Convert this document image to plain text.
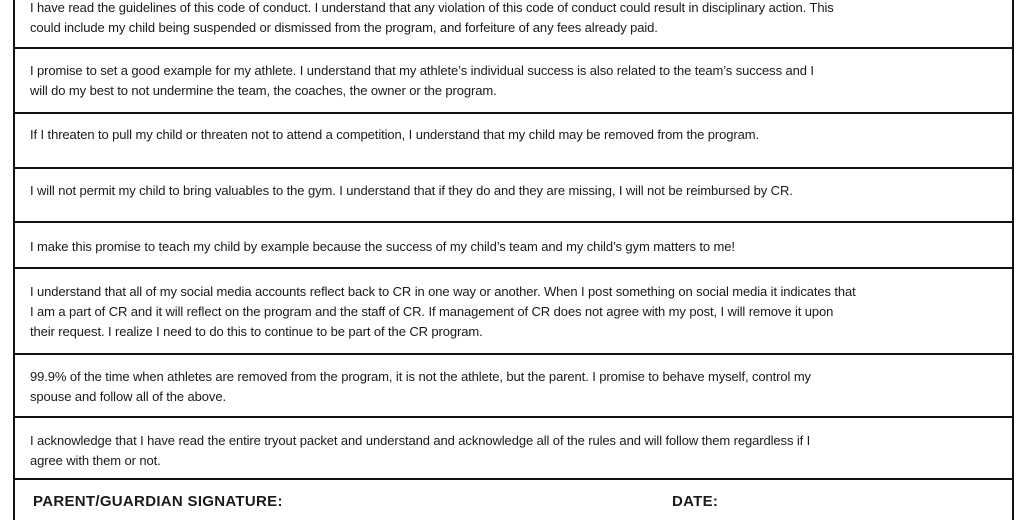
I have read the guidelines of this code of conduct. I understand that any violation of this code of conduct could result in disciplinary action. This
could include my child being suspended or dismissed from the program, and forfeiture of any fees already paid.
I promise to set a good example for my athlete. I understand that my athlete’s individual success is also related to the team’s success and I
will do my best to not undermine the team, the coaches, the owner or the program.
If I threaten to pull my child or threaten not to attend a competition, I understand that my child may be removed from the program.
I will not permit my child to bring valuables to the gym. I understand that if they do and they are missing, I will not be reimbursed by CR.
I make this promise to teach my child by example because the success of my child’s team and my child’s gym matters to me!
I understand that all of my social media accounts reflect back to CR in one way or another. When I post something on social media it indicates that
I am a part of CR and it will reflect on the program and the staff of CR. If management of CR does not agree with my post, I will remove it upon
their request. I realize I need to do this to continue to be part of the CR program.
99.9% of the time when athletes are removed from the program, it is not the athlete, but the parent. I promise to behave myself, control my
spouse and follow all of the above.
I acknowledge that I have read the entire tryout packet and understand and acknowledge all of the rules and will follow them regardless if I
agree with them or not.
PARENT/GUARDIAN SIGNATURE:	DATE:
